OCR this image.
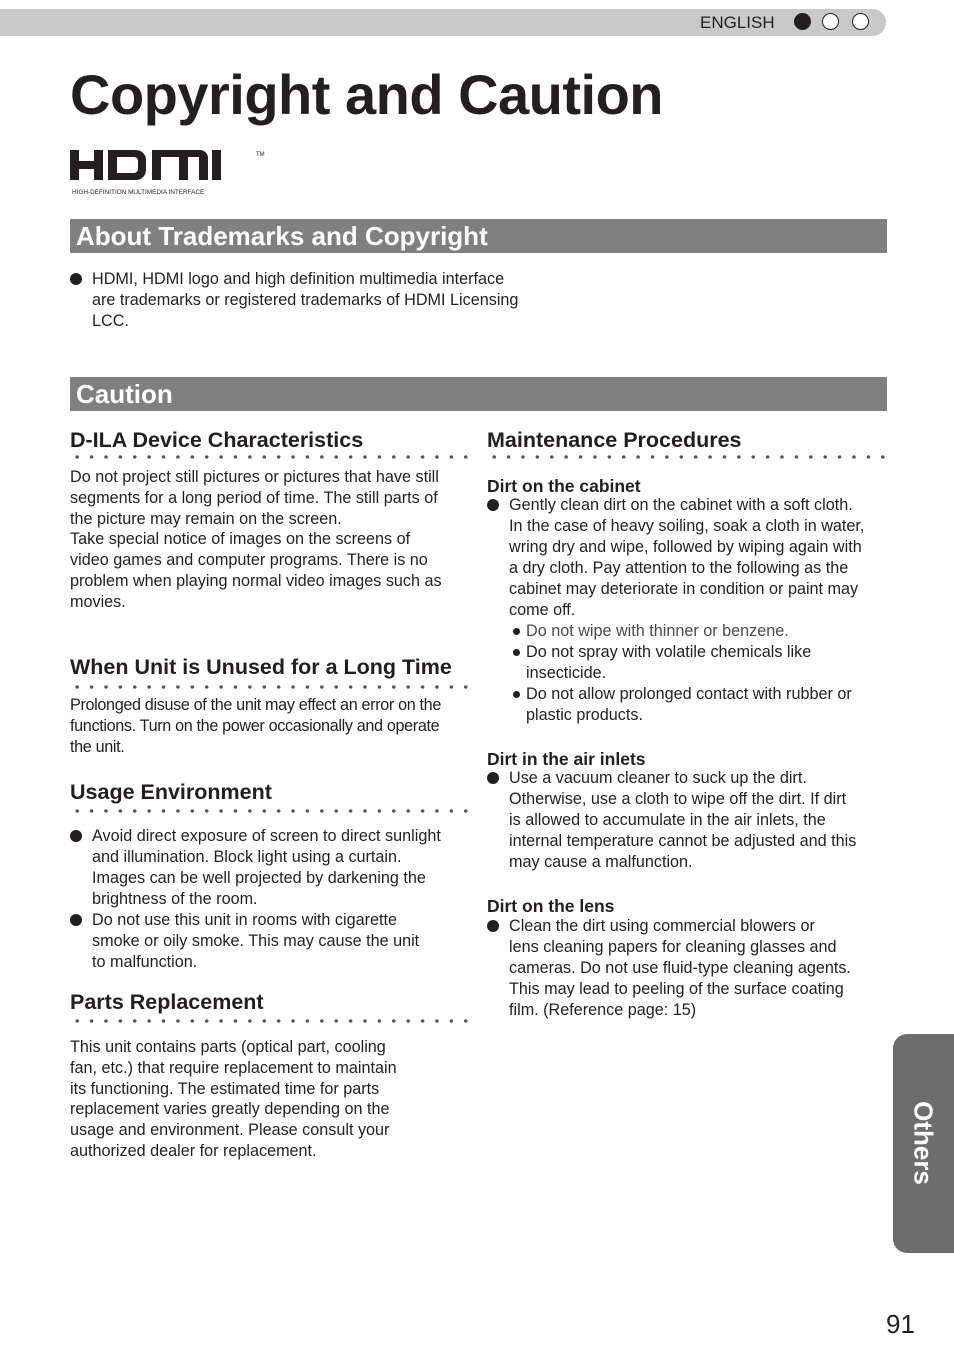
ENGLISH
Copyright and Caution
TM
HIGH-DEFINITION MULTIMEDIA INTERFACE
About Trademarks and Copyright
HDMI, HDMI logo and high definition multimedia interface
are trademarks or registered trademarks of HDMI Licensing
LCC.
Caution
D-ILA Device Characteristics
Do not project still pictures or pictures that have still
segments for a long period of time. The still parts of
the picture may remain on the screen.
Take special notice of images on the screens of
video games and computer programs. There is no
problem when playing normal video images such as
movies.
When Unit is Unused for a Long Time
Prolonged disuse of the unit may effect an error on the
functions. Turn on the power occasionally and operate
the unit.
Usage Environment
Avoid direct exposure of screen to direct sunlight
and illumination. Block light using a curtain.
Images can be well projected by darkening the
brightness of the room.
Do not use this unit in rooms with cigarette
smoke or oily smoke. This may cause the unit
to malfunction.
Parts Replacement
This unit contains parts (optical part, cooling
fan, etc.) that require replacement to maintain
its functioning. The estimated time for parts
replacement varies greatly depending on the
usage and environment. Please consult your
authorized dealer for replacement.
Maintenance Procedures
Dirt on the cabinet
Gently clean dirt on the cabinet with a soft cloth.
In the case of heavy soiling, soak a cloth in water,
wring dry and wipe, followed by wiping again with
a dry cloth. Pay attention to the following as the
cabinet may deteriorate in condition or paint may
come off.
Do not wipe with thinner or benzene.
Do not spray with volatile chemicals like
insecticide.
Do not allow prolonged contact with rubber or
plastic products.
Dirt in the air inlets
Use a vacuum cleaner to suck up the dirt.
Otherwise, use a cloth to wipe off the dirt. If dirt
is allowed to accumulate in the air inlets, the
internal temperature cannot be adjusted and this
may cause a malfunction.
Dirt on the lens
Clean the dirt using commercial blowers or
lens cleaning papers for cleaning glasses and
cameras. Do not use fluid-type cleaning agents.
This may lead to peeling of the surface coating
film. (Reference page: 15)
Others
91
